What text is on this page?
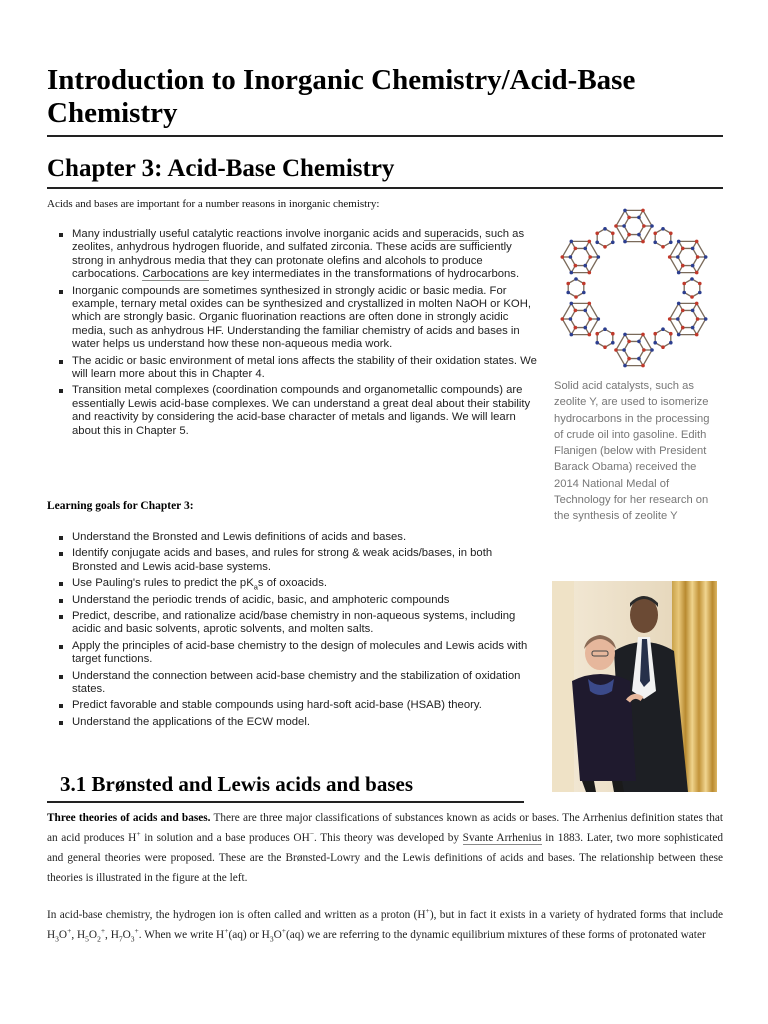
Introduction to Inorganic Chemistry/Acid-Base Chemistry
Chapter 3: Acid-Base Chemistry
Acids and bases are important for a number reasons in inorganic chemistry:
Many industrially useful catalytic reactions involve inorganic acids and superacids, such as zeolites, anhydrous hydrogen fluoride, and sulfated zirconia. These acids are sufficiently strong in anhydrous media that they can protonate olefins and alcohols to produce carbocations. Carbocations are key intermediates in the transformations of hydrocarbons.
Inorganic compounds are sometimes synthesized in strongly acidic or basic media. For example, ternary metal oxides can be synthesized and crystallized in molten NaOH or KOH, which are strongly basic. Organic fluorination reactions are often done in strongly acidic media, such as anhydrous HF. Understanding the familiar chemistry of acids and bases in water helps us understand how these non-aqueous media work.
The acidic or basic environment of metal ions affects the stability of their oxidation states. We will learn more about this in Chapter 4.
Transition metal complexes (coordination compounds and organometallic compounds) are essentially Lewis acid-base complexes. We can understand a great deal about their stability and reactivity by considering the acid-base character of metals and ligands. We will learn about this in Chapter 5.
Learning goals for Chapter 3:
Understand the Bronsted and Lewis definitions of acids and bases.
Identify conjugate acids and bases, and rules for strong & weak acids/bases, in both Bronsted and Lewis acid-base systems.
Use Pauling's rules to predict the $pK_as$ of oxoacids.
Understand the periodic trends of acidic, basic, and amphoteric compounds
Predict, describe, and rationalize acid/base chemistry in non-aqueous systems, including acidic and basic solvents, aprotic solvents, and molten salts.
Apply the principles of acid-base chemistry to the design of molecules and Lewis acids with target functions.
Understand the connection between acid-base chemistry and the stabilization of oxidation states.
Predict favorable and stable compounds using hard-soft acid-base (HSAB) theory.
Understand the applications of the ECW model.
Solid acid catalysts, such as zeolite Y, are used to isomerize hydrocarbons in the processing of crude oil into gasoline. Edith Flanigen (below with President Barack Obama) received the 2014 National Medal of Technology for her research on the synthesis of zeolite Y
3.1 Brønsted and Lewis acids and bases

Three theories of acids and bases. There are three major classifications of substances known as acids or bases. The Arrhenius definition states that an acid produces H+ in solution and a base produces OH−. This theory was developed by Svante Arrhenius in 1883. Later, two more sophisticated and general theories were proposed. These are the Brønsted-Lowry and the Lewis definitions of acids and bases. The relationship between these theories is illustrated in the figure at the left.

In acid-base chemistry, the hydrogen ion is often called and written as a proton (H+), but in fact it exists in a variety of hydrated forms that include $H_3O^+$, $H_5O_2^+$, $H_7O_3^+$. When we write H+(aq) or $H_3O^+(aq)$ we are referring to the dynamic equilibrium mixtures of these forms of protonated water
